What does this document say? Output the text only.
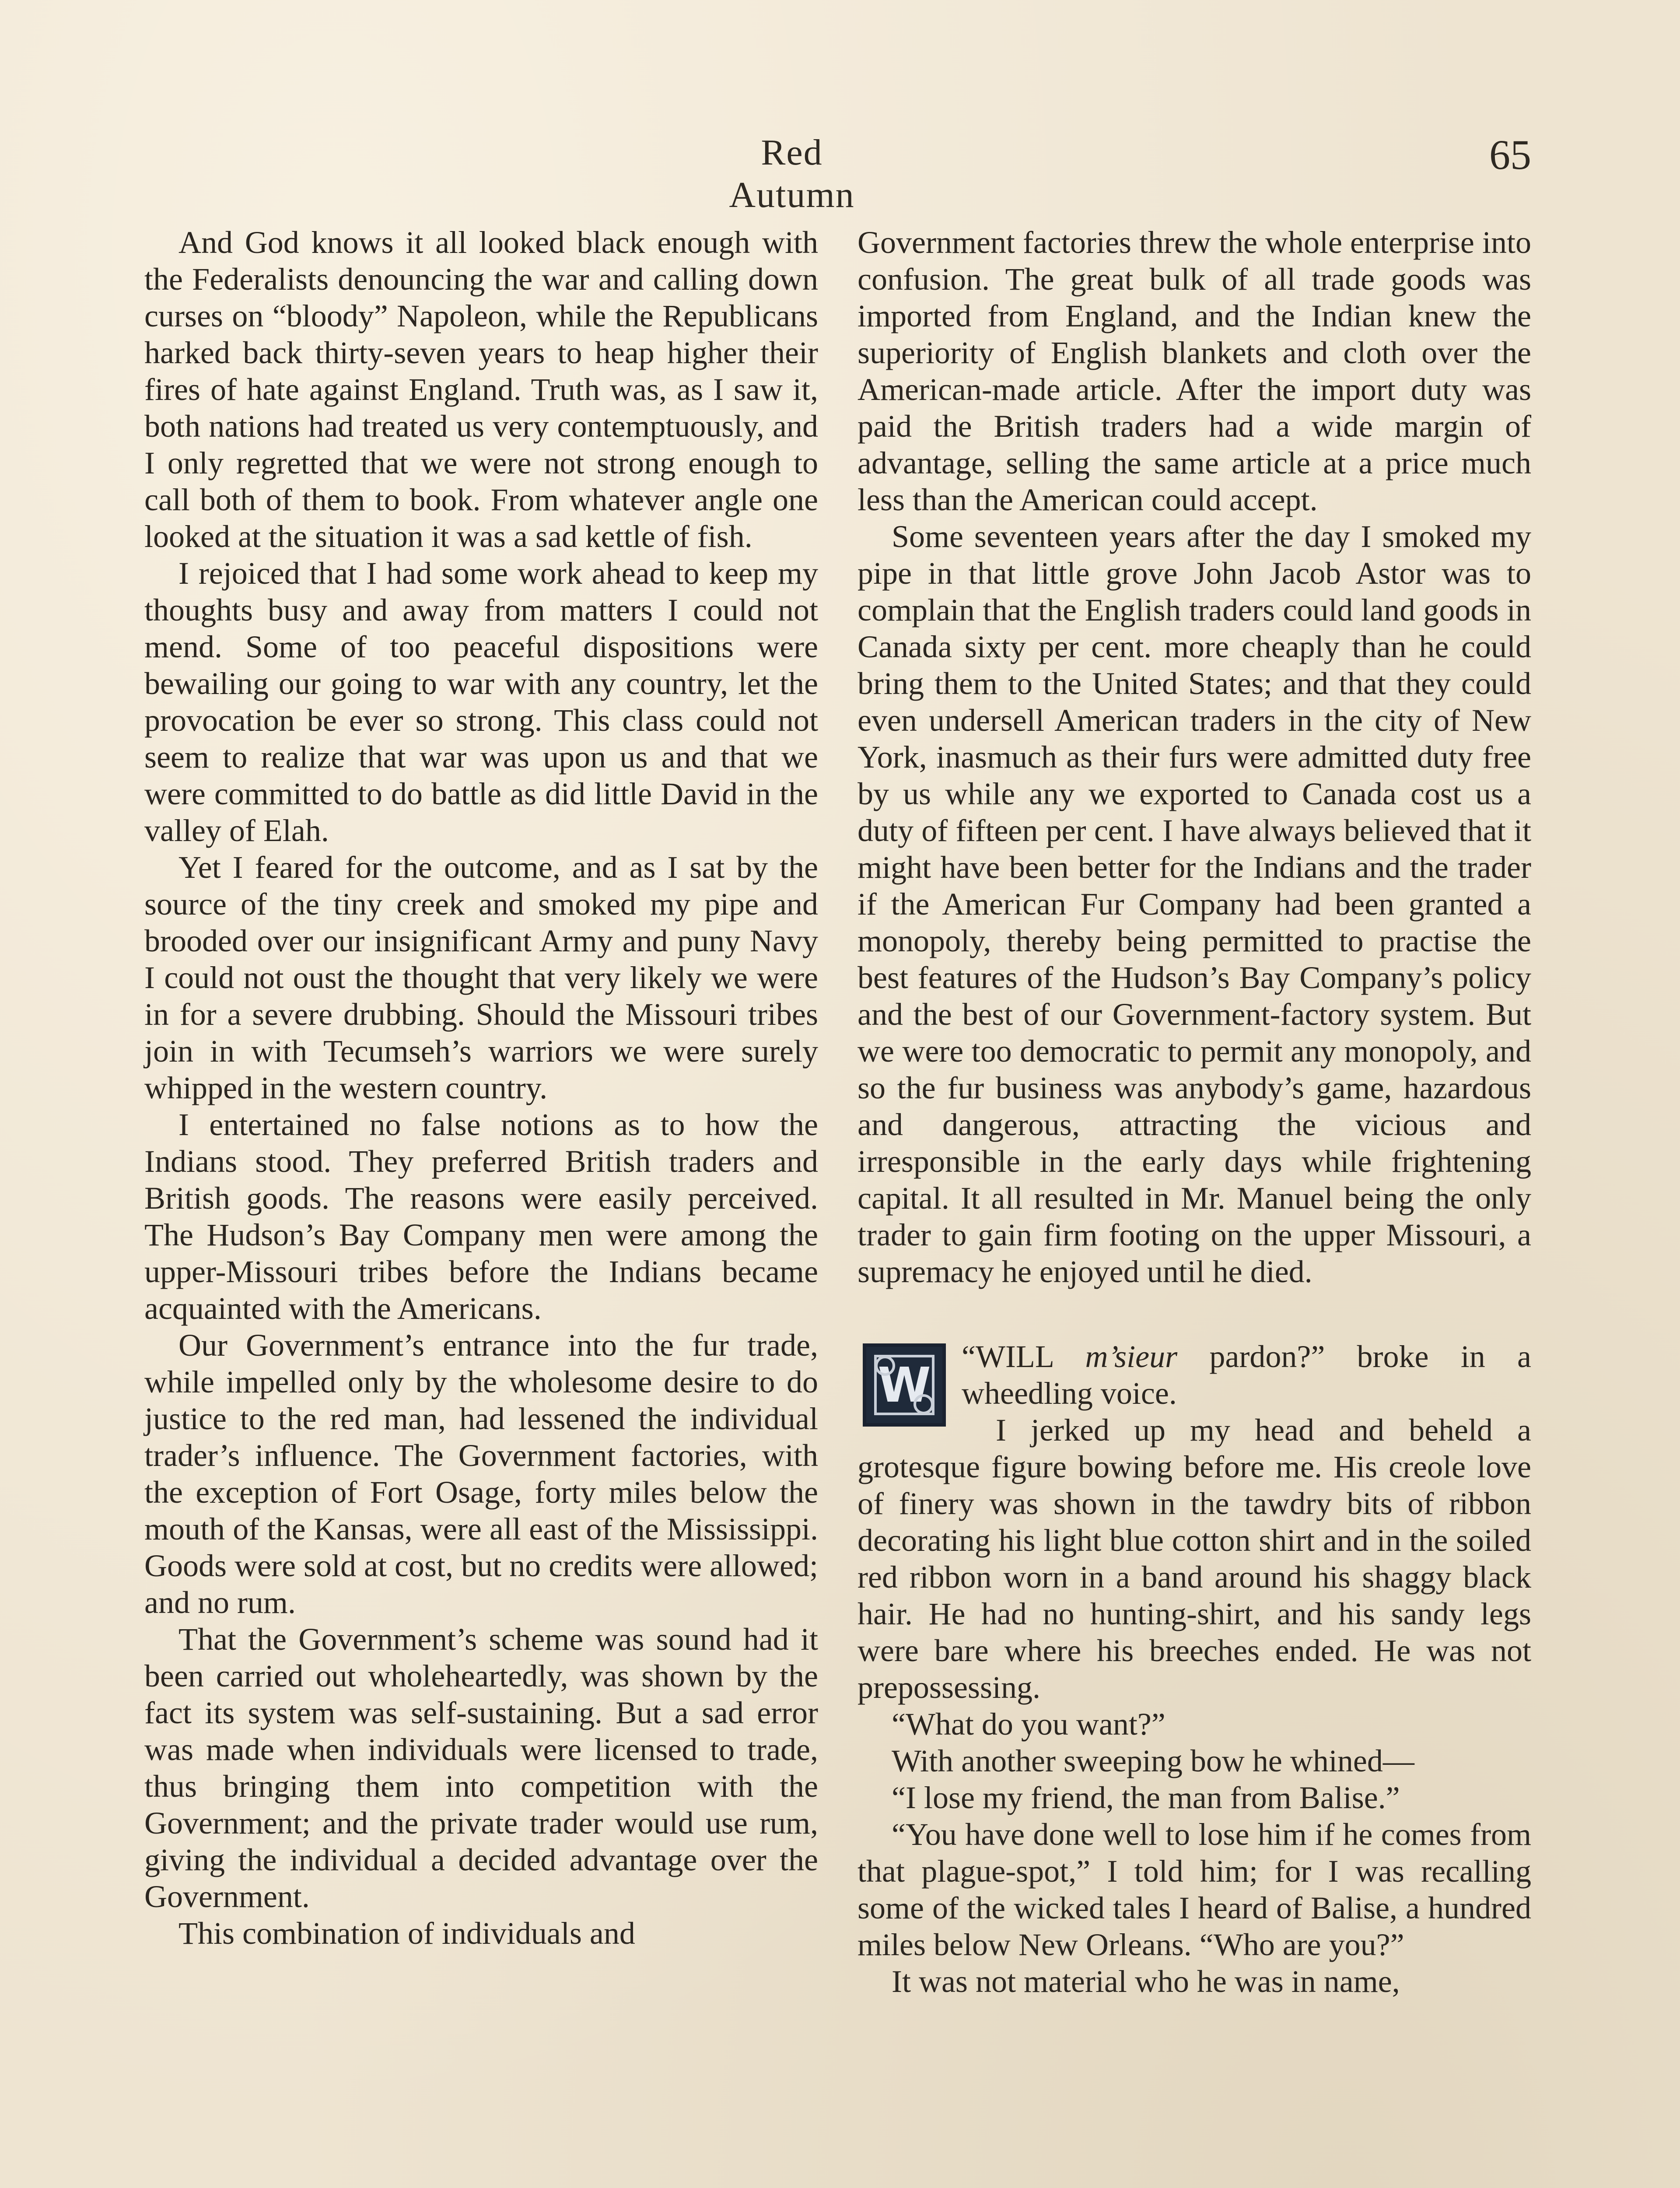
Red Autumn
65

And God knows it all looked black enough with the Federalists denouncing the war and calling down curses on “bloody” Napoleon, while the Republicans harked back thirty-seven years to heap higher their fires of hate against England. Truth was, as I saw it, both nations had treated us very contemptuously, and I only regretted that we were not strong enough to call both of them to book. From whatever angle one looked at the situation it was a sad kettle of fish.

I rejoiced that I had some work ahead to keep my thoughts busy and away from matters I could not mend. Some of too peaceful dispositions were bewailing our going to war with any country, let the provocation be ever so strong. This class could not seem to realize that war was upon us and that we were committed to do battle as did little David in the valley of Elah.

Yet I feared for the outcome, and as I sat by the source of the tiny creek and smoked my pipe and brooded over our insignificant Army and puny Navy I could not oust the thought that very likely we were in for a severe drubbing. Should the Missouri tribes join in with Tecumseh’s warriors we were surely whipped in the western country.

I entertained no false notions as to how the Indians stood. They preferred British traders and British goods. The reasons were easily perceived. The Hudson’s Bay Company men were among the upper-Missouri tribes before the Indians became acquainted with the Americans.

Our Government’s entrance into the fur trade, while impelled only by the wholesome desire to do justice to the red man, had lessened the individual trader’s influence. The Government factories, with the exception of Fort Osage, forty miles below the mouth of the Kansas, were all east of the Mississippi. Goods were sold at cost, but no credits were allowed; and no rum.

That the Government’s scheme was sound had it been carried out wholeheartedly, was shown by the fact its system was self-sustaining. But a sad error was made when individuals were licensed to trade, thus bringing them into competition with the Government; and the private trader would use rum, giving the individual a decided advantage over the Government.

This combination of individuals and

Government factories threw the whole enterprise into confusion. The great bulk of all trade goods was imported from England, and the Indian knew the superiority of English blankets and cloth over the American-made article. After the import duty was paid the British traders had a wide margin of advantage, selling the same article at a price much less than the American could accept.

Some seventeen years after the day I smoked my pipe in that little grove John Jacob Astor was to complain that the English traders could land goods in Canada sixty per cent. more cheaply than he could bring them to the United States; and that they could even undersell American traders in the city of New York, inasmuch as their furs were admitted duty free by us while any we exported to Canada cost us a duty of fifteen per cent. I have always believed that it might have been better for the Indians and the trader if the American Fur Company had been granted a monopoly, thereby being permitted to practise the best features of the Hudson’s Bay Company’s policy and the best of our Government-factory system. But we were too democratic to permit any monopoly, and so the fur business was anybody’s game, hazardous and dangerous, attracting the vicious and irresponsible in the early days while frightening capital. It all resulted in Mr. Manuel being the only trader to gain firm footing on the upper Missouri, a supremacy he enjoyed until he died.

W
“WILL m’sieur pardon?” broke in a wheedling voice.

I jerked up my head and beheld a grotesque figure bowing before me. His creole love of finery was shown in the tawdry bits of ribbon decorating his light blue cotton shirt and in the soiled red ribbon worn in a band around his shaggy black hair. He had no hunting-shirt, and his sandy legs were bare where his breeches ended. He was not prepossessing.

“What do you want?”

With another sweeping bow he whined—

“I lose my friend, the man from Balise.”

“You have done well to lose him if he comes from that plague-spot,” I told him; for I was recalling some of the wicked tales I heard of Balise, a hundred miles below New Orleans. “Who are you?”

It was not material who he was in name,
